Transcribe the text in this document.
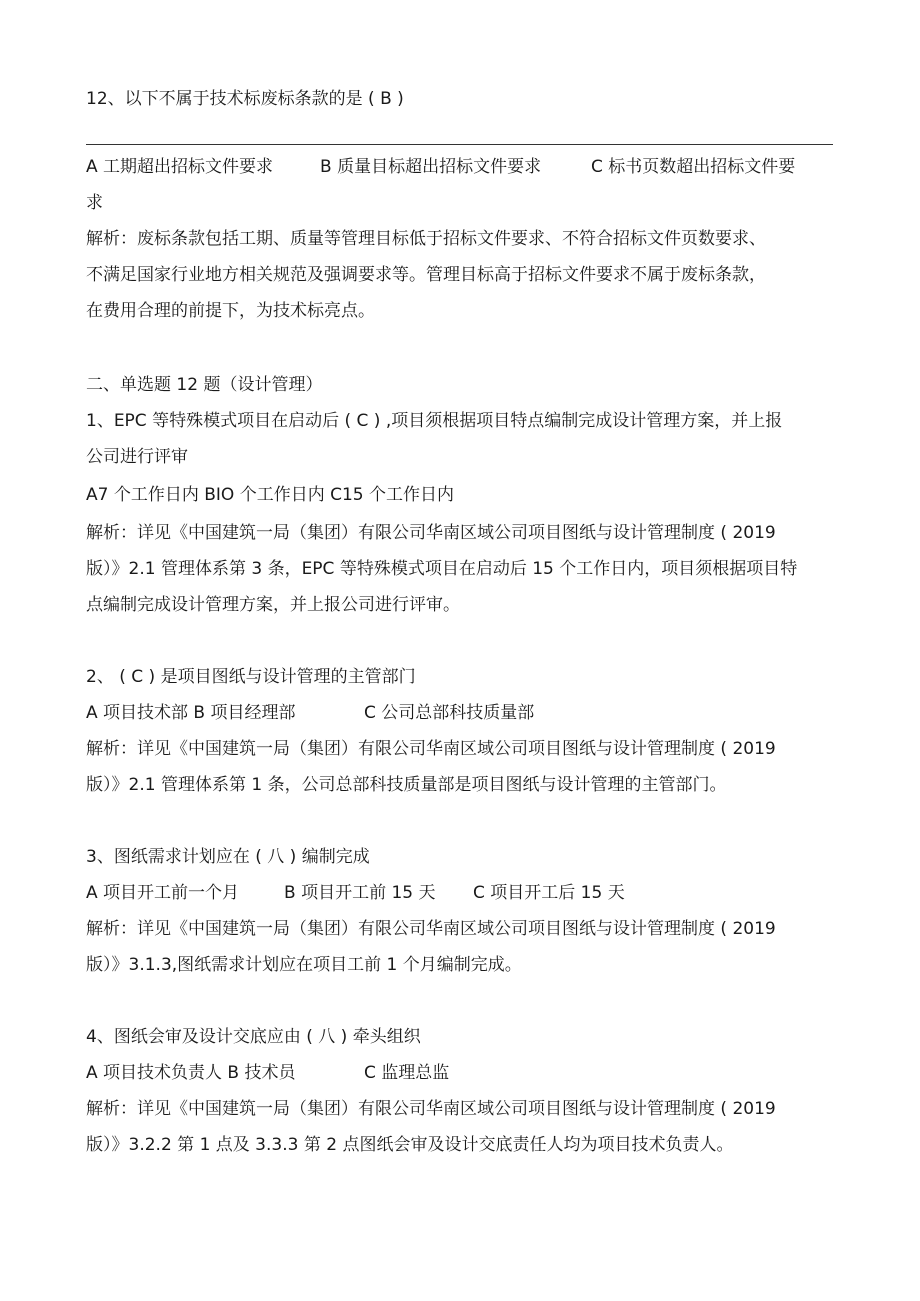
12、以下不属于技术标废标条款的是 ( B )
A 工期超出招标文件要求	B 质量目标超出招标文件要求	C 标书页数超出招标文件要
求
解析：废标条款包括工期、质量等管理目标低于招标文件要求、不符合招标文件页数要求、
不满足国家行业地方相关规范及强调要求等。管理目标高于招标文件要求不属于废标条款，
在费用合理的前提下，为技术标亮点。
二、单选题 12 题（设计管理）
1、EPC 等特殊模式项目在启动后 ( C ) ,项目须根据项目特点编制完成设计管理方案，并上报
公司进行评审
A7 个工作日内 BIO 个工作日内 C15 个工作日内
解析：详见《中国建筑一局（集团）有限公司华南区域公司项目图纸与设计管理制度 ( 2019
版）》2.1 管理体系第 3 条，EPC 等特殊模式项目在启动后 15 个工作日内，项目须根据项目特
点编制完成设计管理方案，并上报公司进行评审。
2、 ( C ) 是项目图纸与设计管理的主管部门
A 项目技术部 B 项目经理部	C 公司总部科技质量部
解析：详见《中国建筑一局（集团）有限公司华南区域公司项目图纸与设计管理制度 ( 2019
版）》2.1 管理体系第 1 条，公司总部科技质量部是项目图纸与设计管理的主管部门。
3、图纸需求计划应在 ( 八 ) 编制完成
A 项目开工前一个月	B 项目开工前 15 天 C 项目开工后 15 天
解析：详见《中国建筑一局（集团）有限公司华南区域公司项目图纸与设计管理制度 ( 2019
版）》3.1.3,图纸需求计划应在项目工前 1 个月编制完成。
4、图纸会审及设计交底应由 ( 八 ) 牵头组织
A 项目技术负责人 B 技术员	C 监理总监
解析：详见《中国建筑一局（集团）有限公司华南区域公司项目图纸与设计管理制度 ( 2019
版）》3.2.2 第 1 点及 3.3.3 第 2 点图纸会审及设计交底责任人均为项目技术负责人。
